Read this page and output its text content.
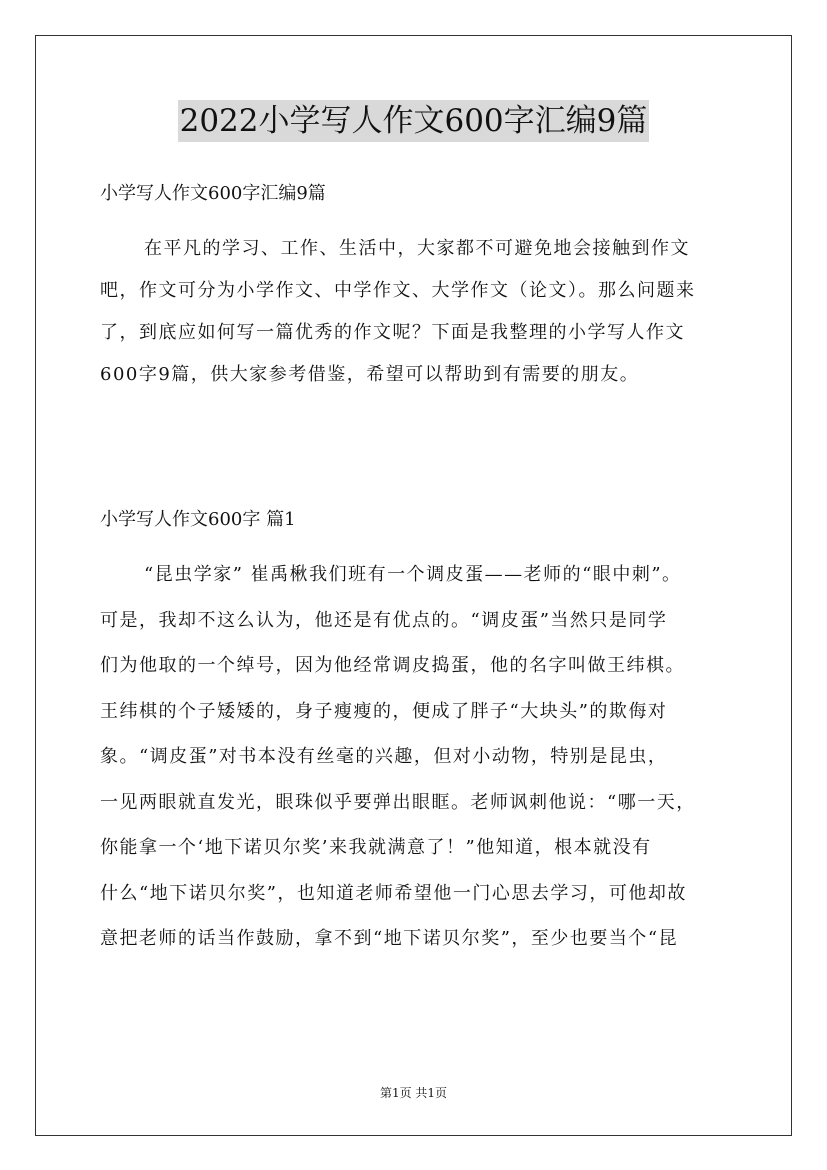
2022小学写人作文600字汇编9篇
小学写人作文600字汇编9篇
在平凡的学习、工作、生活中，大家都不可避免地会接触到作文
吧，作文可分为小学作文、中学作文、大学作文（论文）。那么问题来
了，到底应如何写一篇优秀的作文呢？下面是我整理的小学写人作文
600字9篇，供大家参考借鉴，希望可以帮助到有需要的朋友。
小学写人作文600字 篇1
“昆虫学家” 崔禹楸我们班有一个调皮蛋——老师的“眼中刺”。
可是，我却不这么认为，他还是有优点的。“调皮蛋”当然只是同学
们为他取的一个绰号，因为他经常调皮捣蛋，他的名字叫做王纬棋。
王纬棋的个子矮矮的，身子瘦瘦的，便成了胖子“大块头”的欺侮对
象。“调皮蛋”对书本没有丝毫的兴趣，但对小动物，特别是昆虫，
一见两眼就直发光，眼珠似乎要弹出眼眶。老师讽刺他说：“哪一天，
你能拿一个‘地下诺贝尔奖’来我就满意了！”他知道，根本就没有
什么“地下诺贝尔奖”，也知道老师希望他一门心思去学习，可他却故
意把老师的话当作鼓励，拿不到“地下诺贝尔奖”，至少也要当个“昆
第1页 共1页
